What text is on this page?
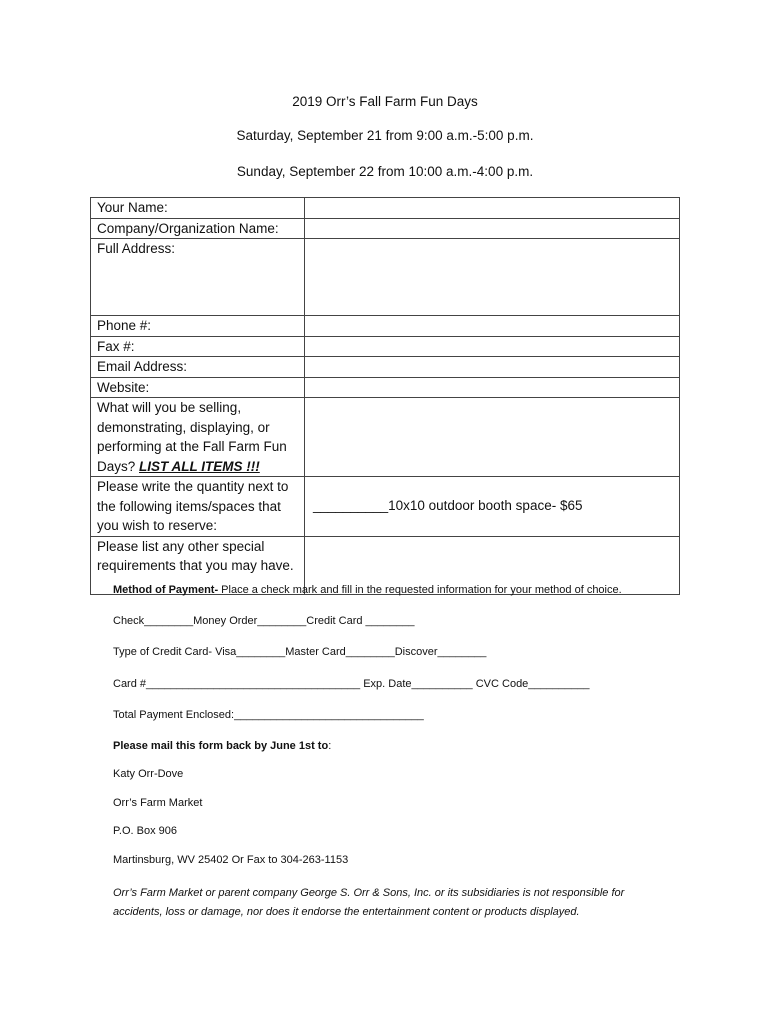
2019 Orr’s Fall Farm Fun Days
Saturday, September 21 from 9:00 a.m.-5:00 p.m.
Sunday, September 22 from 10:00 a.m.-4:00 p.m.
Your Name:	
Company/Organization Name:	
Full Address:	
Phone #:	
Fax #:	
Email Address:	
Website:	
What will you be selling, demonstrating, displaying, or performing at the Fall Farm Fun Days? LIST ALL ITEMS !!!	
Please write the quantity next to the following items/spaces that you wish to reserve:	__________10x10 outdoor booth space- $65

Please list any other special requirements that you may have.	
Method of Payment- Place a check mark and fill in the requested information for your method of choice.
Check________Money Order________Credit Card ________
Type of Credit Card- Visa________Master Card________Discover________
Card #___________________________________ Exp. Date__________ CVC Code__________
Total Payment Enclosed:_______________________________
Please mail this form back by June 1st to:
Katy Orr-Dove
Orr’s Farm Market
P.O. Box 906
Martinsburg, WV 25402 Or Fax to 304-263-1153
Orr’s Farm Market or parent company George S. Orr & Sons, Inc. or its subsidiaries is not responsible for accidents, loss or damage, nor does it endorse the entertainment content or products displayed.
